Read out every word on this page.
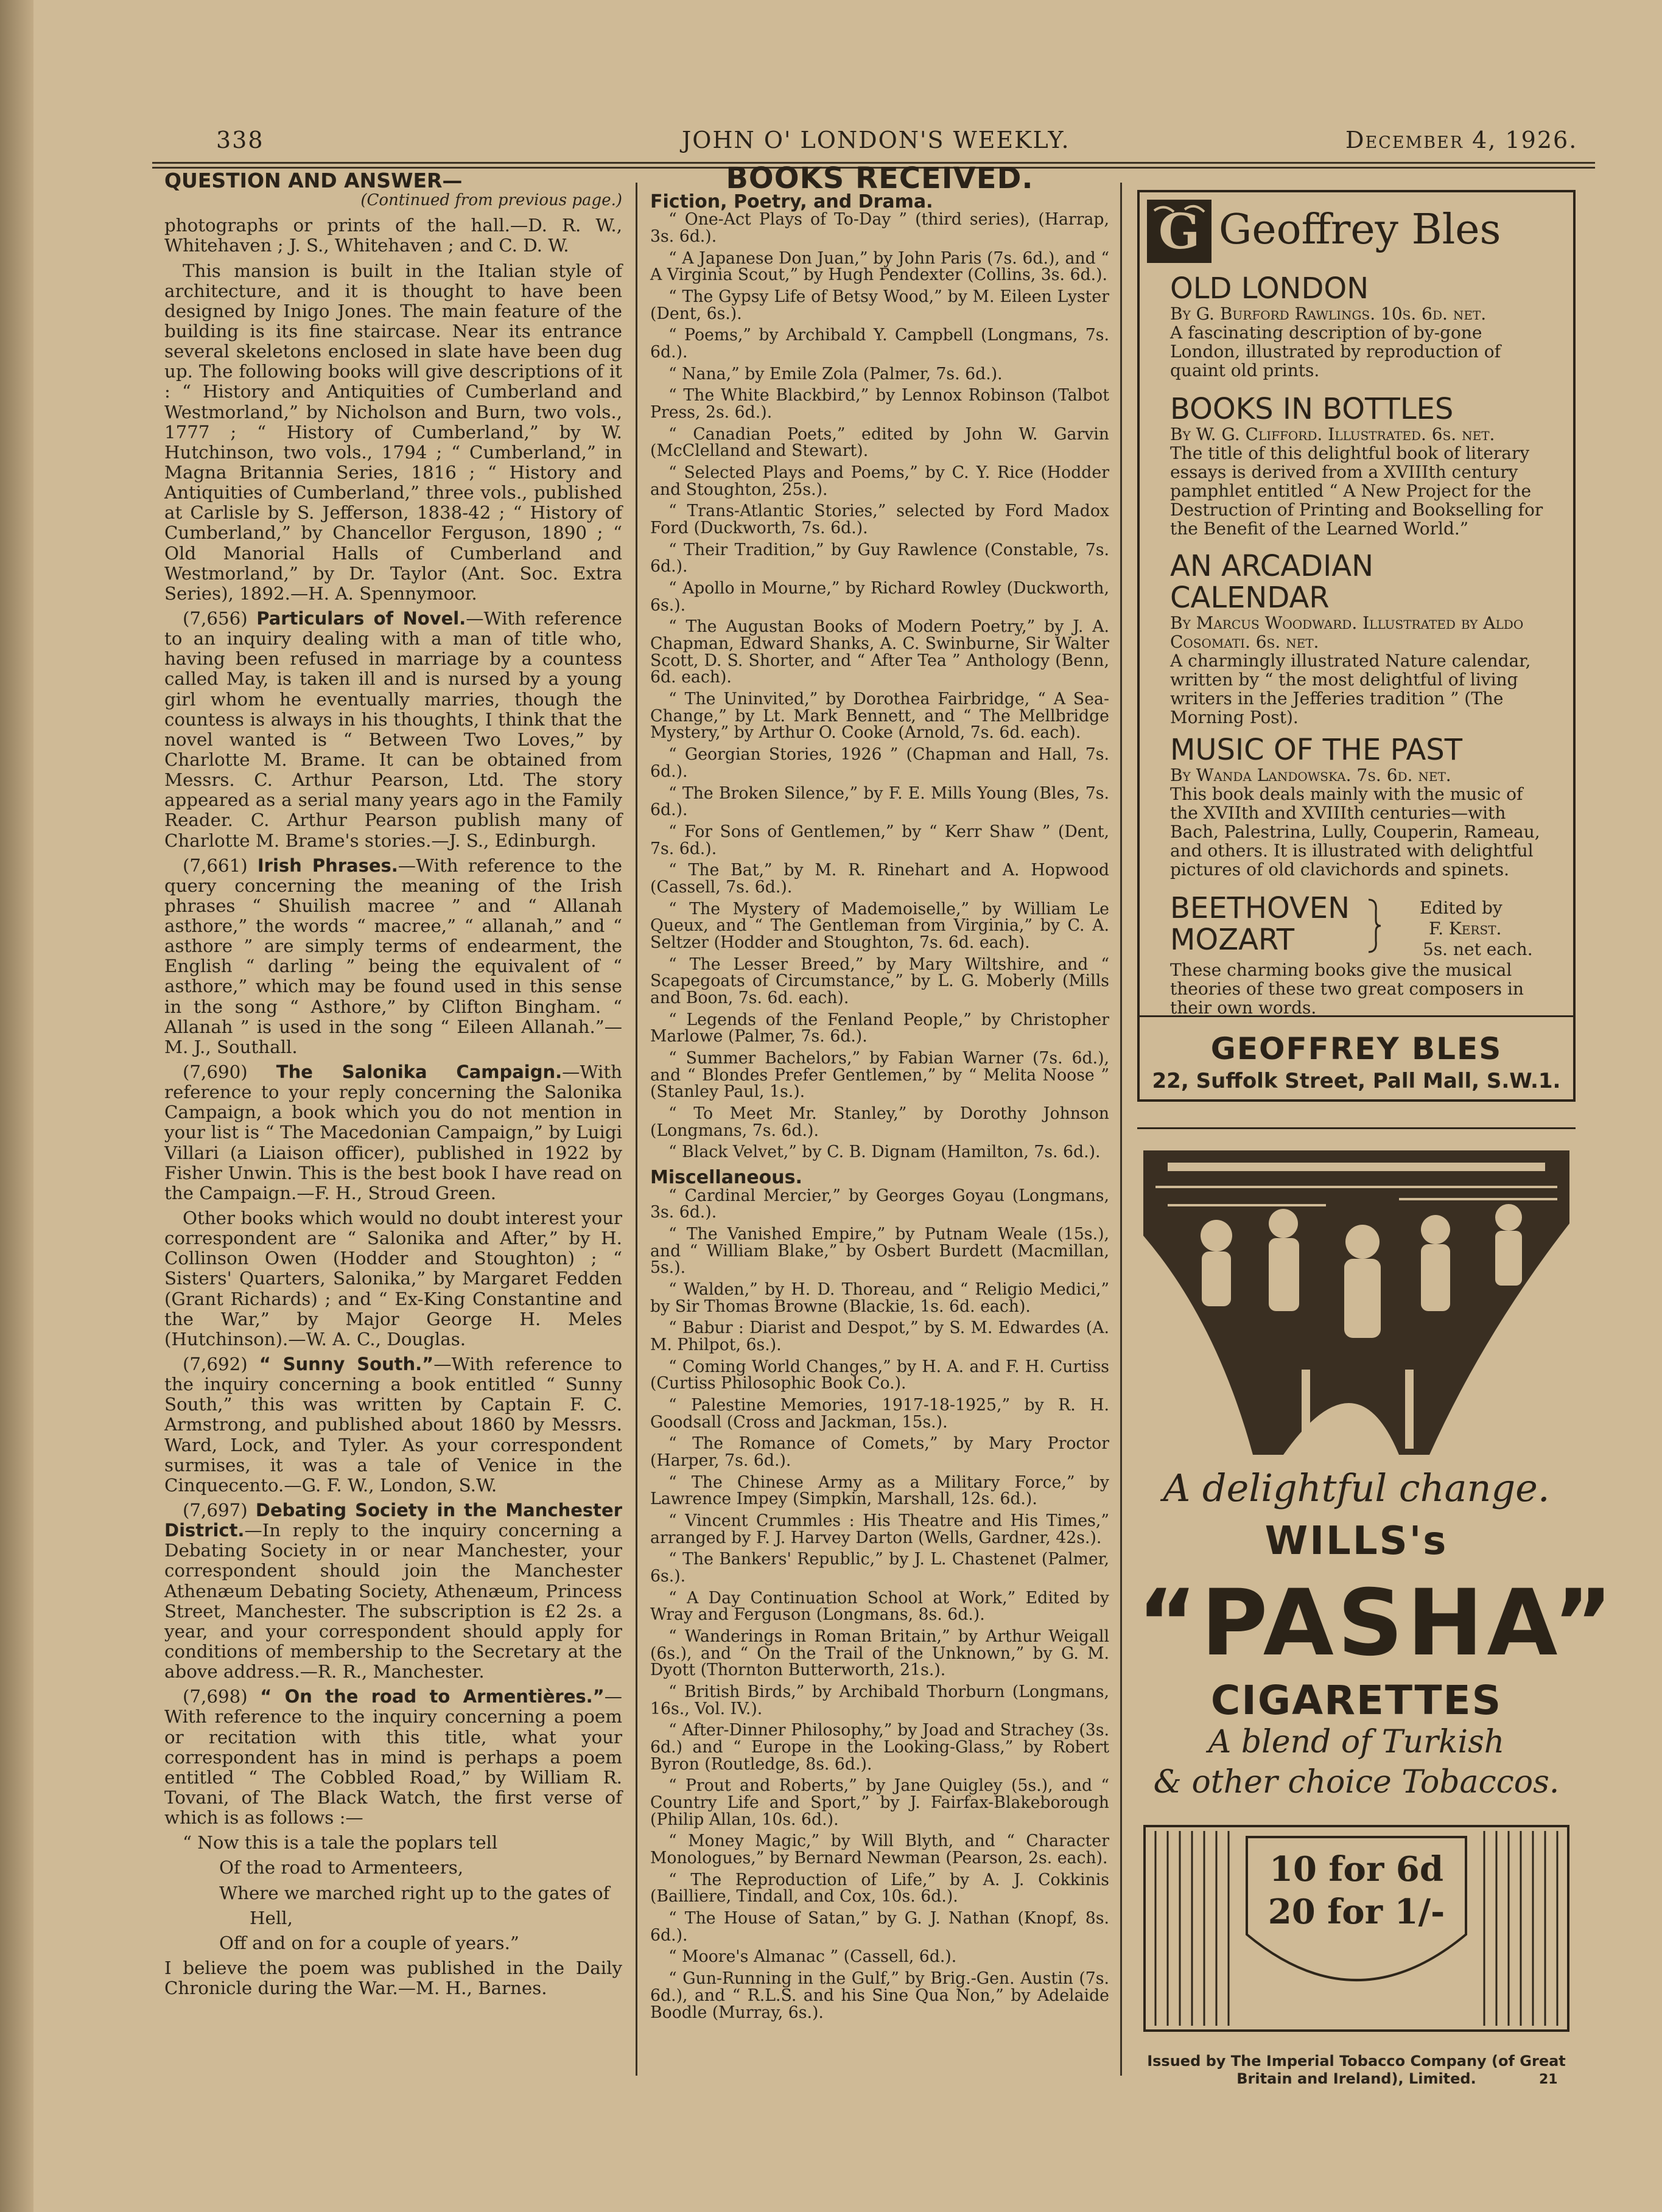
338	JOHN O' LONDON'S WEEKLY.	December 4, 1926.
QUESTION AND ANSWER—

(Continued from previous page.)

photographs or prints of the hall.—D. R. W., Whitehaven ; J. S., Whitehaven ; and C. D. W.

This mansion is built in the Italian style of architecture, and it is thought to have been designed by Inigo Jones. The main feature of the building is its fine staircase. Near its entrance several skeletons enclosed in slate have been dug up. The following books will give descriptions of it : “ History and Antiquities of Cumberland and Westmorland,” by Nicholson and Burn, two vols., 1777 ; “ History of Cumberland,” by W. Hutchinson, two vols., 1794 ; “ Cumberland,” in Magna Britannia Series, 1816 ; “ History and Antiquities of Cumberland,” three vols., published at Carlisle by S. Jefferson, 1838-42 ; “ History of Cumberland,” by Chancellor Ferguson, 1890 ; “ Old Manorial Halls of Cumberland and Westmorland,” by Dr. Taylor (Ant. Soc. Extra Series), 1892.—H. A. Spennymoor.

(7,656) Particulars of Novel.—With reference to an inquiry dealing with a man of title who, having been refused in marriage by a countess called May, is taken ill and is nursed by a young girl whom he eventually marries, though the countess is always in his thoughts, I think that the novel wanted is “ Between Two Loves,” by Charlotte M. Brame. It can be obtained from Messrs. C. Arthur Pearson, Ltd. The story appeared as a serial many years ago in the Family Reader. C. Arthur Pearson publish many of Charlotte M. Brame's stories.—J. S., Edinburgh.

(7,661) Irish Phrases.—With reference to the query concerning the meaning of the Irish phrases “ Shuilish macree ” and “ Allanah asthore,” the words “ macree,” “ allanah,” and “ asthore ” are simply terms of endearment, the English “ darling ” being the equivalent of “ asthore,” which may be found used in this sense in the song “ Asthore,” by Clifton Bingham. “ Allanah ” is used in the song “ Eileen Allanah.”—M. J., Southall.

(7,690) The Salonika Campaign.—With reference to your reply concerning the Salonika Campaign, a book which you do not mention in your list is “ The Macedonian Campaign,” by Luigi Villari (a Liaison officer), published in 1922 by Fisher Unwin. This is the best book I have read on the Campaign.—F. H., Stroud Green.

Other books which would no doubt interest your correspondent are “ Salonika and After,” by H. Collinson Owen (Hodder and Stoughton) ; “ Sisters' Quarters, Salonika,” by Margaret Fedden (Grant Richards) ; and “ Ex-King Constantine and the War,” by Major George H. Meles (Hutchinson).—W. A. C., Douglas.

(7,692) “ Sunny South.”—With reference to the inquiry concerning a book entitled “ Sunny South,” this was written by Captain F. C. Armstrong, and published about 1860 by Messrs. Ward, Lock, and Tyler. As your correspondent surmises, it was a tale of Venice in the Cinquecento.—G. F. W., London, S.W.

(7,697) Debating Society in the Manchester District.—In reply to the inquiry concerning a Debating Society in or near Manchester, your correspondent should join the Manchester Athenæum Debating Society, Athenæum, Princess Street, Manchester. The subscription is £2 2s. a year, and your correspondent should apply for conditions of membership to the Secretary at the above address.—R. R., Manchester.

(7,698) “ On the road to Armentières.”—With reference to the inquiry concerning a poem or recitation with this title, what your correspondent has in mind is perhaps a poem entitled “ The Cobbled Road,” by William R. Tovani, of The Black Watch, the first verse of which is as follows :—

“ Now this is a tale the poplars tell

Of the road to Armenteers,

Where we marched right up to the gates of

Hell,

Off and on for a couple of years.”

I believe the poem was published in the Daily Chronicle during the War.—M. H., Barnes.

BOOKS RECEIVED.
Fiction, Poetry, and Drama.

“ One-Act Plays of To-Day ” (third series), (Harrap, 3s. 6d.).

“ A Japanese Don Juan,” by John Paris (7s. 6d.), and “ A Virginia Scout,” by Hugh Pendexter (Collins, 3s. 6d.).

“ The Gypsy Life of Betsy Wood,” by M. Eileen Lyster (Dent, 6s.).

“ Poems,” by Archibald Y. Campbell (Longmans, 7s. 6d.).

“ Nana,” by Emile Zola (Palmer, 7s. 6d.).

“ The White Blackbird,” by Lennox Robinson (Talbot Press, 2s. 6d.).

“ Canadian Poets,” edited by John W. Garvin (McClelland and Stewart).

“ Selected Plays and Poems,” by C. Y. Rice (Hodder and Stoughton, 25s.).

“ Trans-Atlantic Stories,” selected by Ford Madox Ford (Duckworth, 7s. 6d.).

“ Their Tradition,” by Guy Rawlence (Constable, 7s. 6d.).

“ Apollo in Mourne,” by Richard Rowley (Duckworth, 6s.).

“ The Augustan Books of Modern Poetry,” by J. A. Chapman, Edward Shanks, A. C. Swinburne, Sir Walter Scott, D. S. Shorter, and “ After Tea ” Anthology (Benn, 6d. each).

“ The Uninvited,” by Dorothea Fairbridge, “ A Sea-Change,” by Lt. Mark Bennett, and “ The Mellbridge Mystery,” by Arthur O. Cooke (Arnold, 7s. 6d. each).

“ Georgian Stories, 1926 ” (Chapman and Hall, 7s. 6d.).

“ The Broken Silence,” by F. E. Mills Young (Bles, 7s. 6d.).

“ For Sons of Gentlemen,” by “ Kerr Shaw ” (Dent, 7s. 6d.).

“ The Bat,” by M. R. Rinehart and A. Hopwood (Cassell, 7s. 6d.).

“ The Mystery of Mademoiselle,” by William Le Queux, and “ The Gentleman from Virginia,” by C. A. Seltzer (Hodder and Stoughton, 7s. 6d. each).

“ The Lesser Breed,” by Mary Wiltshire, and “ Scapegoats of Circumstance,” by L. G. Moberly (Mills and Boon, 7s. 6d. each).

“ Legends of the Fenland People,” by Christopher Marlowe (Palmer, 7s. 6d.).

“ Summer Bachelors,” by Fabian Warner (7s. 6d.), and “ Blondes Prefer Gentlemen,” by “ Melita Noose ” (Stanley Paul, 1s.).

“ To Meet Mr. Stanley,” by Dorothy Johnson (Longmans, 7s. 6d.).

“ Black Velvet,” by C. B. Dignam (Hamilton, 7s. 6d.).

Miscellaneous.

“ Cardinal Mercier,” by Georges Goyau (Longmans, 3s. 6d.).

“ The Vanished Empire,” by Putnam Weale (15s.), and “ William Blake,” by Osbert Burdett (Macmillan, 5s.).

“ Walden,” by H. D. Thoreau, and “ Religio Medici,” by Sir Thomas Browne (Blackie, 1s. 6d. each).

“ Babur : Diarist and Despot,” by S. M. Edwardes (A. M. Philpot, 6s.).

“ Coming World Changes,” by H. A. and F. H. Curtiss (Curtiss Philosophic Book Co.).

“ Palestine Memories, 1917-18-1925,” by R. H. Goodsall (Cross and Jackman, 15s.).

“ The Romance of Comets,” by Mary Proctor (Harper, 7s. 6d.).

“ The Chinese Army as a Military Force,” by Lawrence Impey (Simpkin, Marshall, 12s. 6d.).

“ Vincent Crummles : His Theatre and His Times,” arranged by F. J. Harvey Darton (Wells, Gardner, 42s.).

“ The Bankers' Republic,” by J. L. Chastenet (Palmer, 6s.).

“ A Day Continuation School at Work,” Edited by Wray and Ferguson (Longmans, 8s. 6d.).

“ Wanderings in Roman Britain,” by Arthur Weigall (6s.), and “ On the Trail of the Unknown,” by G. M. Dyott (Thornton Butterworth, 21s.).

“ British Birds,” by Archibald Thorburn (Longmans, 16s., Vol. IV.).

“ After-Dinner Philosophy,” by Joad and Strachey (3s. 6d.) and “ Europe in the Looking-Glass,” by Robert Byron (Routledge, 8s. 6d.).

“ Prout and Roberts,” by Jane Quigley (5s.), and “ Country Life and Sport,” by J. Fairfax-Blakeborough (Philip Allan, 10s. 6d.).

“ Money Magic,” by Will Blyth, and “ Character Monologues,” by Bernard Newman (Pearson, 2s. each).

“ The Reproduction of Life,” by A. J. Cokkinis (Bailliere, Tindall, and Cox, 10s. 6d.).

“ The House of Satan,” by G. J. Nathan (Knopf, 8s. 6d.).

“ Moore's Almanac ” (Cassell, 6d.).

“ Gun-Running in the Gulf,” by Brig.-Gen. Austin (7s. 6d.), and “ R.L.S. and his Sine Qua Non,” by Adelaide Boodle (Murray, 6s.).

G Geoffrey Bles
OLD LONDON
By G. Burford Rawlings. 10s. 6d. net.
A fascinating description of by-gone London, illustrated by reproduction of quaint old prints.
BOOKS IN BOTTLES
By W. G. Clifford. Illustrated. 6s. net.
The title of this delightful book of literary essays is derived from a XVIIIth century pamphlet entitled “ A New Project for the Destruction of Printing and Bookselling for the Benefit of the Learned World.”
AN ARCADIAN CALENDAR
By Marcus Woodward. Illustrated by Aldo Cosomati. 6s. net.
A charmingly illustrated Nature calendar, written by “ the most delightful of living writers in the Jefferies tradition ” (The Morning Post).
MUSIC OF THE PAST
By Wanda Landowska. 7s. 6d. net.
This book deals mainly with the music of the XVIIth and XVIIIth centuries—with Bach, Palestrina, Lully, Couperin, Rameau, and others. It is illustrated with delightful pictures of old clavichords and spinets.
BEETHOVEN
MOZART
Edited by
F. Kerst.
5s. net each.
These charming books give the musical theories of these two great composers in their own words.
GEOFFREY BLES
22, Suffolk Street, Pall Mall, S.W.1.
A delightful change.
WILLS's
“PASHA”
CIGARETTES
A blend of Turkish
& other choice Tobaccos.
10 for 6d
20 for 1/-
Issued by The Imperial Tobacco Company (of Great Britain and Ireland), Limited.	21
